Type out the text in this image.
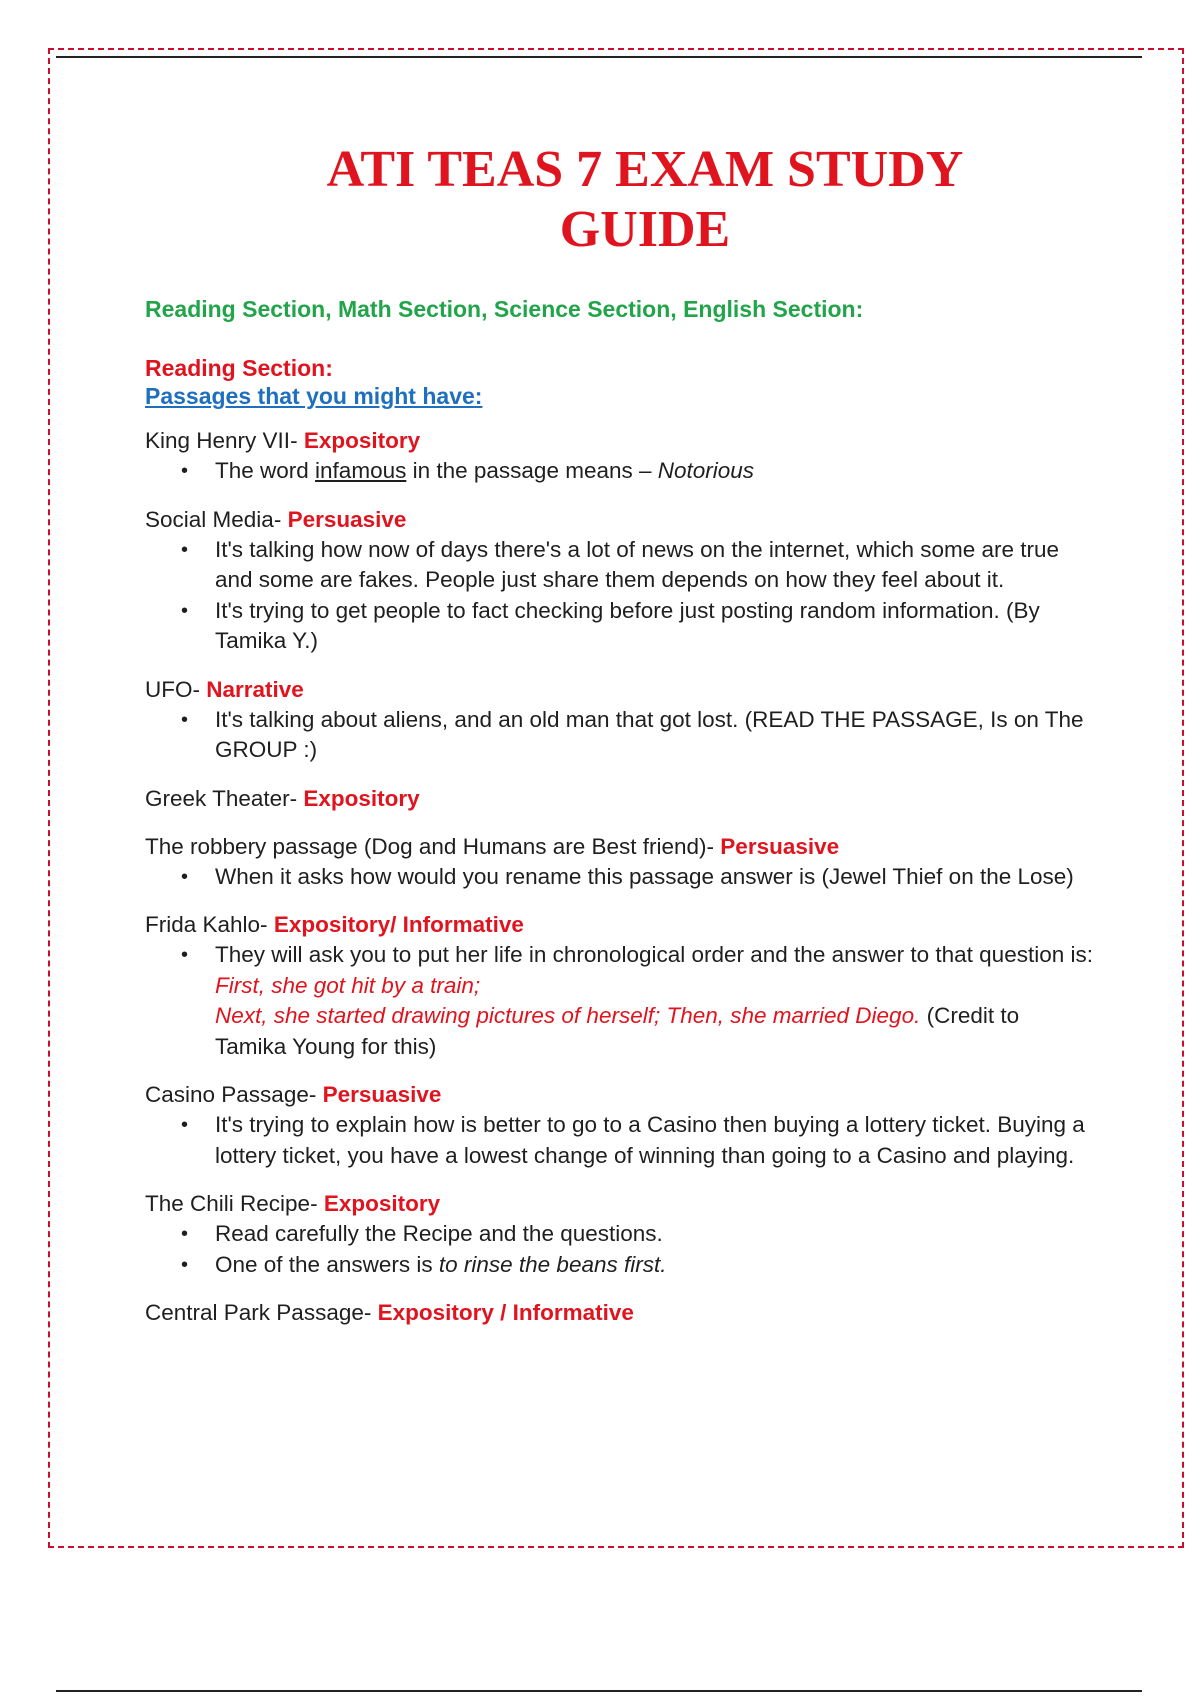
ATI TEAS 7 EXAM STUDY
GUIDE
Reading Section, Math Section, Science Section, English Section:
Reading Section:
Passages that you might have:
King Henry VII- Expository
• The word infamous in the passage means – Notorious
Social Media- Persuasive
• It's talking how now of days there's a lot of news on the internet, which some are true and some are fakes. People just share them depends on how they feel about it.
• It's trying to get people to fact checking before just posting random information. (By Tamika Y.)
UFO- Narrative
• It's talking about aliens, and an old man that got lost. (READ THE PASSAGE, Is on The GROUP :)
Greek Theater- Expository
The robbery passage (Dog and Humans are Best friend)- Persuasive
• When it asks how would you rename this passage answer is (Jewel Thief on the Lose)
Frida Kahlo- Expository/ Informative
• They will ask you to put her life in chronological order and the answer to that question is: First, she got hit by a train;
Next, she started drawing pictures of herself; Then, she married Diego. (Credit to Tamika Young for this)
Casino Passage- Persuasive
• It's trying to explain how is better to go to a Casino then buying a lottery ticket. Buying a lottery ticket, you have a lowest change of winning than going to a Casino and playing.
The Chili Recipe- Expository
• Read carefully the Recipe and the questions.
• One of the answers is to rinse the beans first.
Central Park Passage- Expository / Informative
